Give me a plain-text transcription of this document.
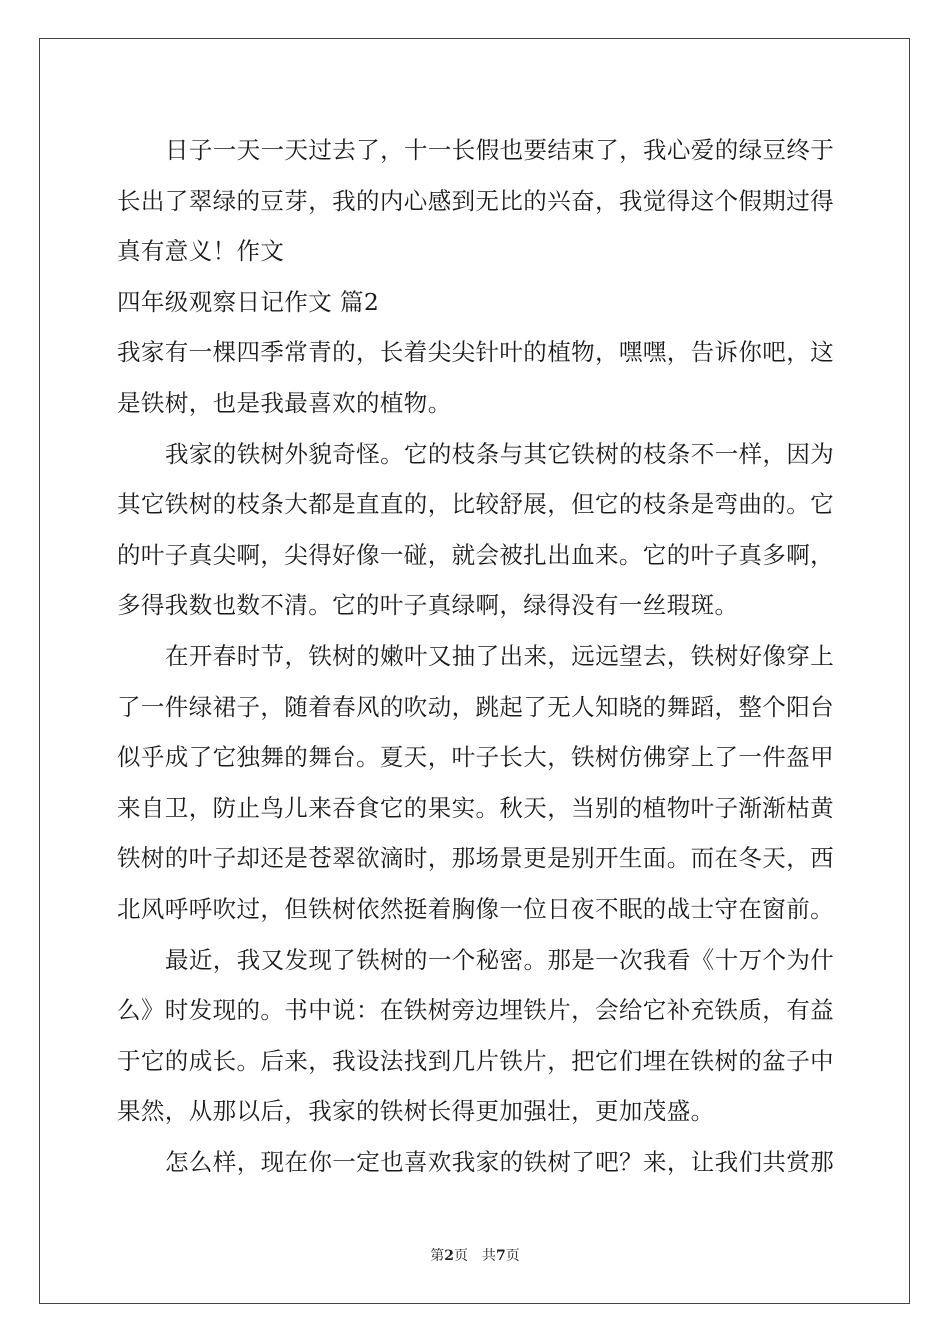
日子一天一天过去了，十一长假也要结束了，我心爱的绿豆终于
长出了翠绿的豆芽，我的内心感到无比的兴奋，我觉得这个假期过得
真有意义！作文
四年级观察日记作文 篇2
我家有一棵四季常青的，长着尖尖针叶的植物，嘿嘿，告诉你吧，这
是铁树，也是我最喜欢的植物。
我家的铁树外貌奇怪。它的枝条与其它铁树的枝条不一样，因为
其它铁树的枝条大都是直直的，比较舒展，但它的枝条是弯曲的。它
的叶子真尖啊，尖得好像一碰，就会被扎出血来。它的叶子真多啊，
多得我数也数不清。它的叶子真绿啊，绿得没有一丝瑕斑。
在开春时节，铁树的嫩叶又抽了出来，远远望去，铁树好像穿上
了一件绿裙子，随着春风的吹动，跳起了无人知晓的舞蹈，整个阳台
似乎成了它独舞的舞台。夏天，叶子长大，铁树仿佛穿上了一件盔甲
来自卫，防止鸟儿来吞食它的果实。秋天，当别的植物叶子渐渐枯黄
铁树的叶子却还是苍翠欲滴时，那场景更是别开生面。而在冬天，西
北风呼呼吹过，但铁树依然挺着胸像一位日夜不眠的战士守在窗前。
最近，我又发现了铁树的一个秘密。那是一次我看《十万个为什
么》时发现的。书中说：在铁树旁边埋铁片，会给它补充铁质，有益
于它的成长。后来，我设法找到几片铁片，把它们埋在铁树的盆子中
果然，从那以后，我家的铁树长得更加强壮，更加茂盛。
怎么样，现在你一定也喜欢我家的铁树了吧？来，让我们共赏那
第2页 共7页
